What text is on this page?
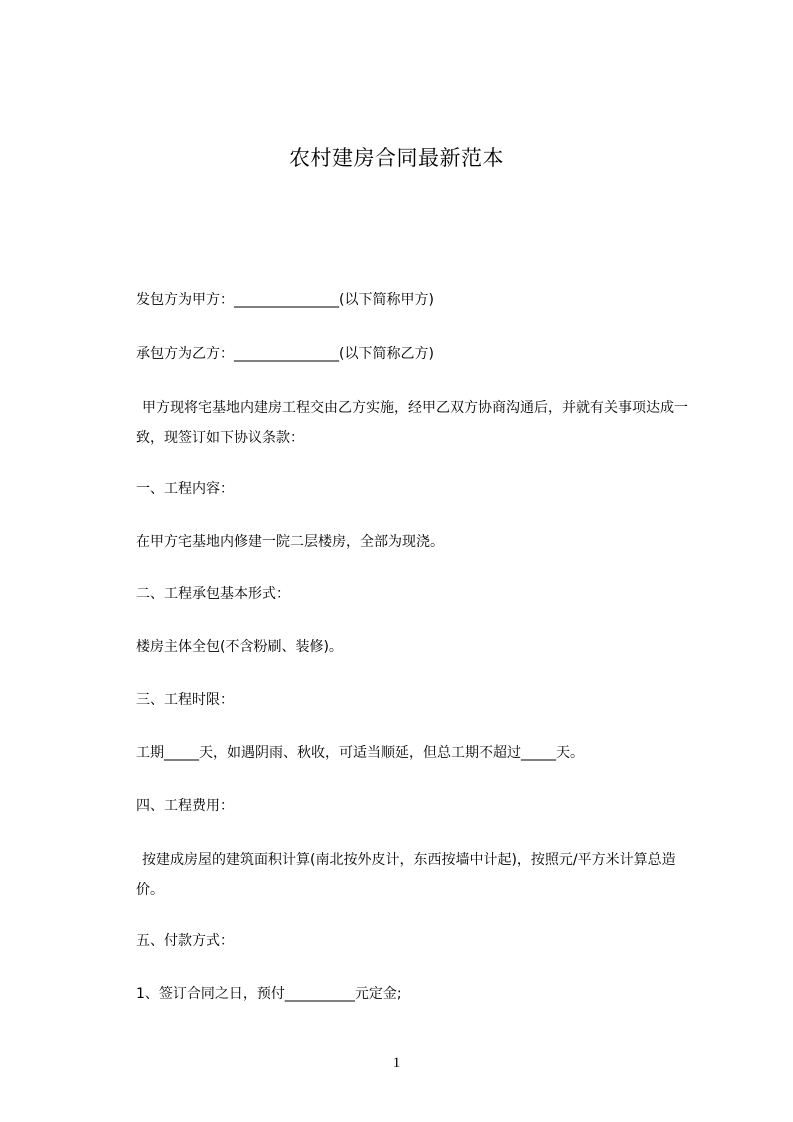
农村建房合同最新范本
发包方为甲方：_______________(以下简称甲方)
承包方为乙方：_______________(以下简称乙方)
甲方现将宅基地内建房工程交由乙方实施，经甲乙双方协商沟通后，并就有关事项达成一致，现签订如下协议条款：
一、工程内容：
在甲方宅基地内修建一院二层楼房，全部为现浇。
二、工程承包基本形式：
楼房主体全包(不含粉刷、装修)。
三、工程时限：
工期_____天，如遇阴雨、秋收，可适当顺延，但总工期不超过_____天。
四、工程费用：
按建成房屋的建筑面积计算(南北按外皮计，东西按墙中计起)，按照元/平方米计算总造价。
五、付款方式：
1、签订合同之日，预付__________元定金;
1
